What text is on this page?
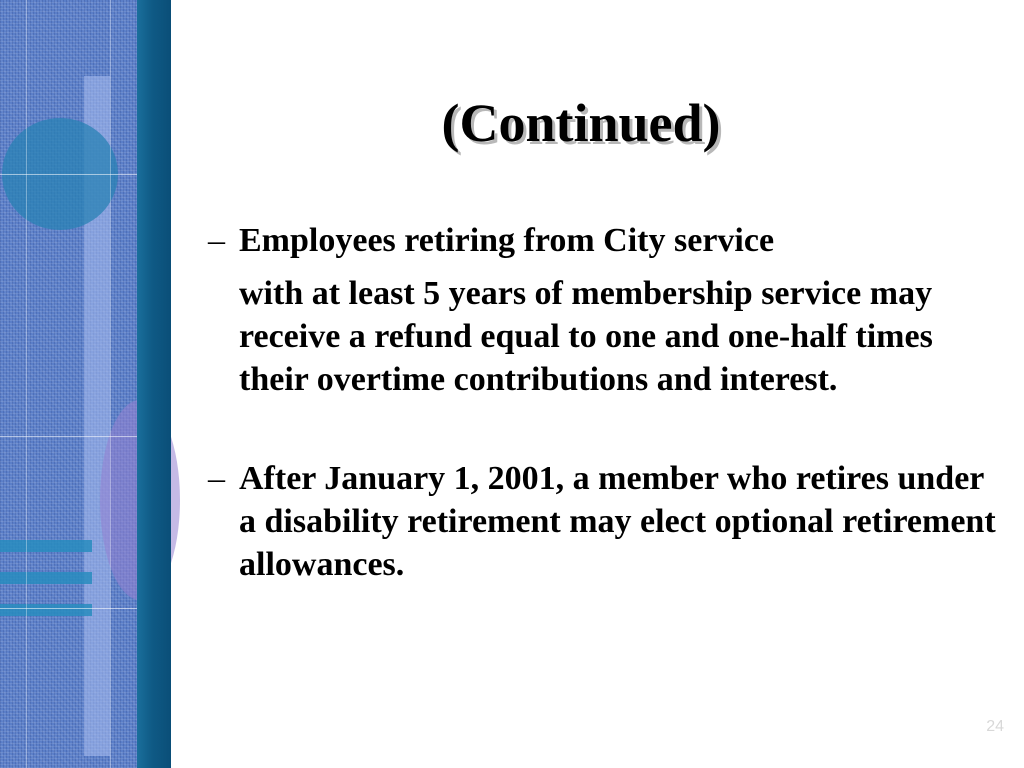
(Continued)
– Employees retiring from City service
with at least 5 years of membership service may receive a refund equal to one and one-half times their overtime contributions and interest.
– After January 1, 2001, a member who retires under a disability retirement may elect optional retirement allowances.
24
